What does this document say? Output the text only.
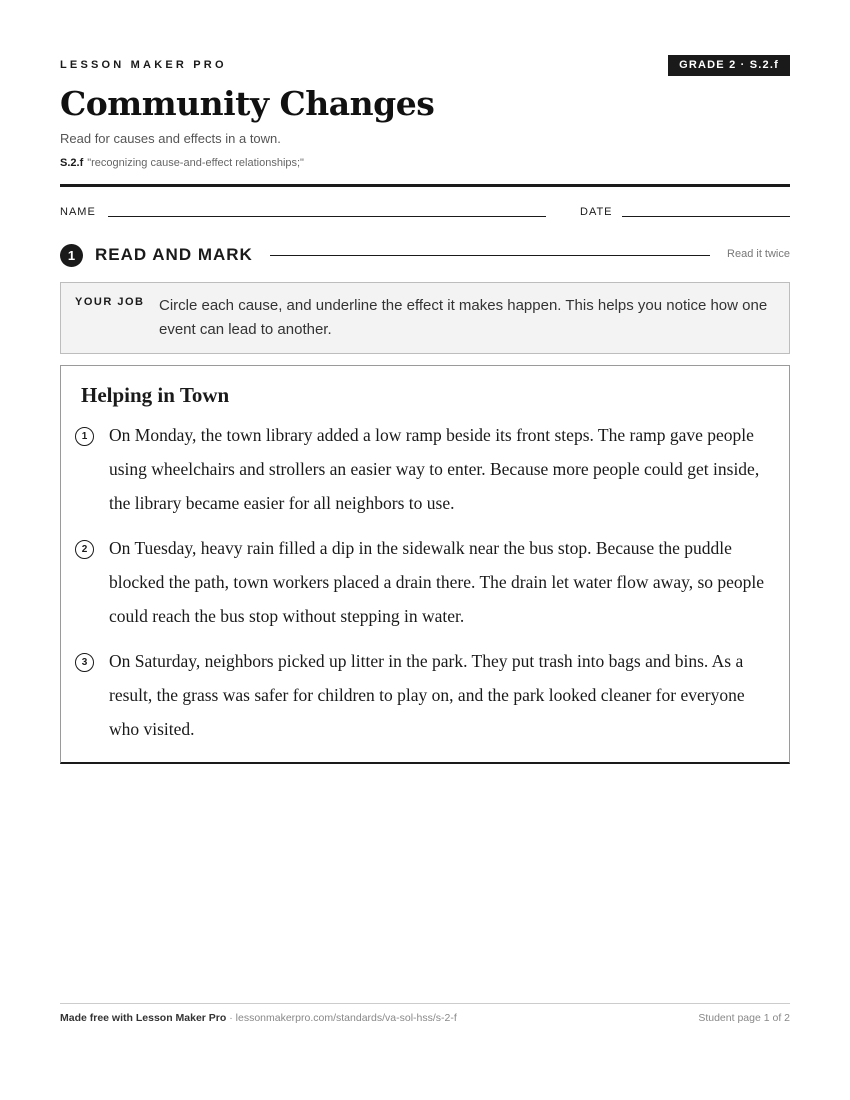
LESSON MAKER PRO	GRADE 2 · S.2.f
Community Changes
Read for causes and effects in a town.
S.2.f "recognizing cause-and-effect relationships;"
NAME	DATE
1	READ AND MARK	Read it twice
YOUR JOB Circle each cause, and underline the effect it makes happen. This helps you notice how one event can lead to another.
Helping in Town
1	On Monday, the town library added a low ramp beside its front steps. The ramp gave people using wheelchairs and strollers an easier way to enter. Because more people could get inside, the library became easier for all neighbors to use.
2	On Tuesday, heavy rain filled a dip in the sidewalk near the bus stop. Because the puddle blocked the path, town workers placed a drain there. The drain let water flow away, so people could reach the bus stop without stepping in water.
3	On Saturday, neighbors picked up litter in the park. They put trash into bags and bins. As a result, the grass was safer for children to play on, and the park looked cleaner for everyone who visited.
Made free with Lesson Maker Pro · lessonmakerpro.com/standards/va-sol-hss/s-2-f	Student page 1 of 2
